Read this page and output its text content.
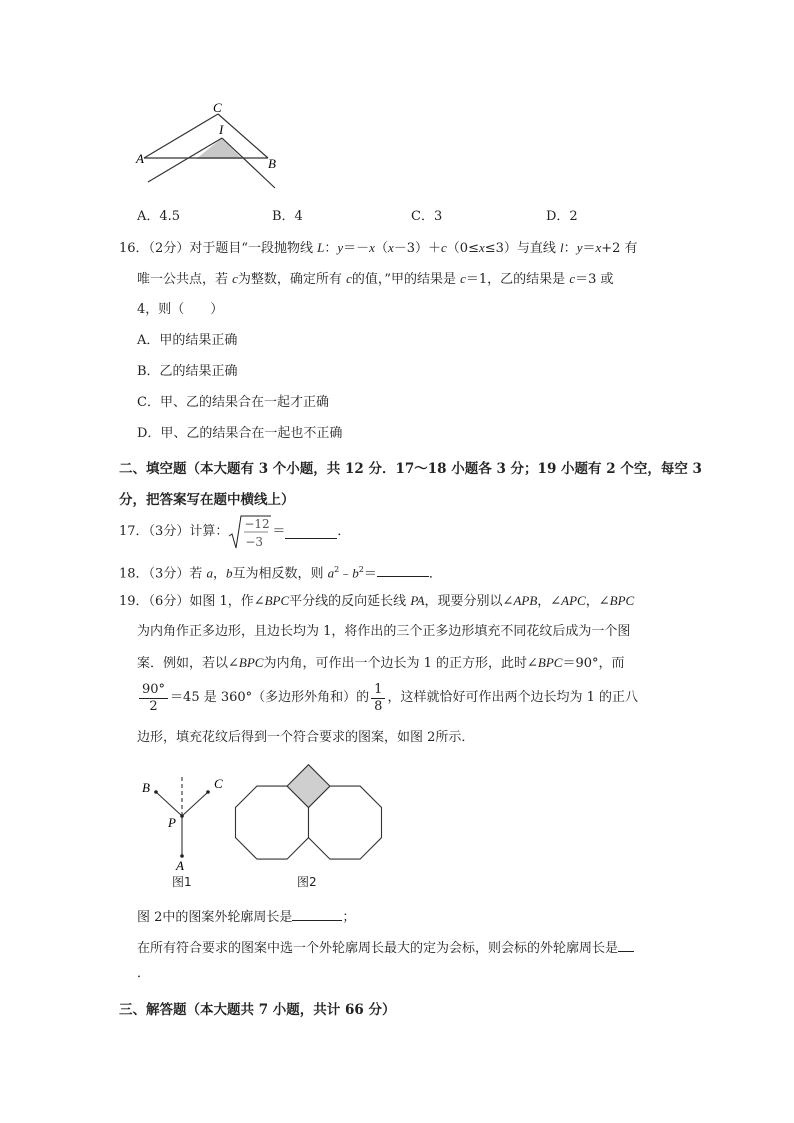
C
I
A	B
A．4.5	B．4	C．3	D．2
16．（2分）对于题目“一段抛物线 L：y＝－x（x－3）＋c（0≤x≤3）与直线 l：y＝x+2 有
唯一公共点，若 c为整数，确定所有 c的值，”甲的结果是 c＝1，乙的结果是 c＝3 或
4，则（　　）
A．甲的结果正确
B．乙的结果正确
C．甲、乙的结果合在一起才正确
D．甲、乙的结果合在一起也不正确
二、填空题（本大题有 3 个小题，共 12 分．17～18 小题各 3 分；19 小题有 2 个空，每空 3
分，把答案写在题中横线上）
17．（3分）计算： −12
−3
＝	．
18．（3分）若 a，b互为相反数，则 $a^2﹣b^2=$	．
19．（6分）如图 1，作∠BPC平分线的反向延长线 PA，现要分别以∠APB，∠APC，∠BPC
为内角作正多边形，且边长均为 1，将作出的三个正多边形填充不同花纹后成为一个图
案．例如，若以∠BPC为内角，可作出一个边长为 1 的正方形，此时∠BPC＝90°，而
$\frac{90^\circ}{2} =45$ 是 360°（多边形外角和）的 $\frac{1}{8}$ ，这样就恰好可作出两个边长均为 1 的正八
边形，填充花纹后得到一个符合要求的图案，如图 2所示．
B	C
P
A
图1	图2
图 2中的图案外轮廓周长是	；
在所有符合要求的图案中选一个外轮廓周长最大的定为会标，则会标的外轮廓周长是
．
三、解答题（本大题共 7 小题，共计 66 分）
